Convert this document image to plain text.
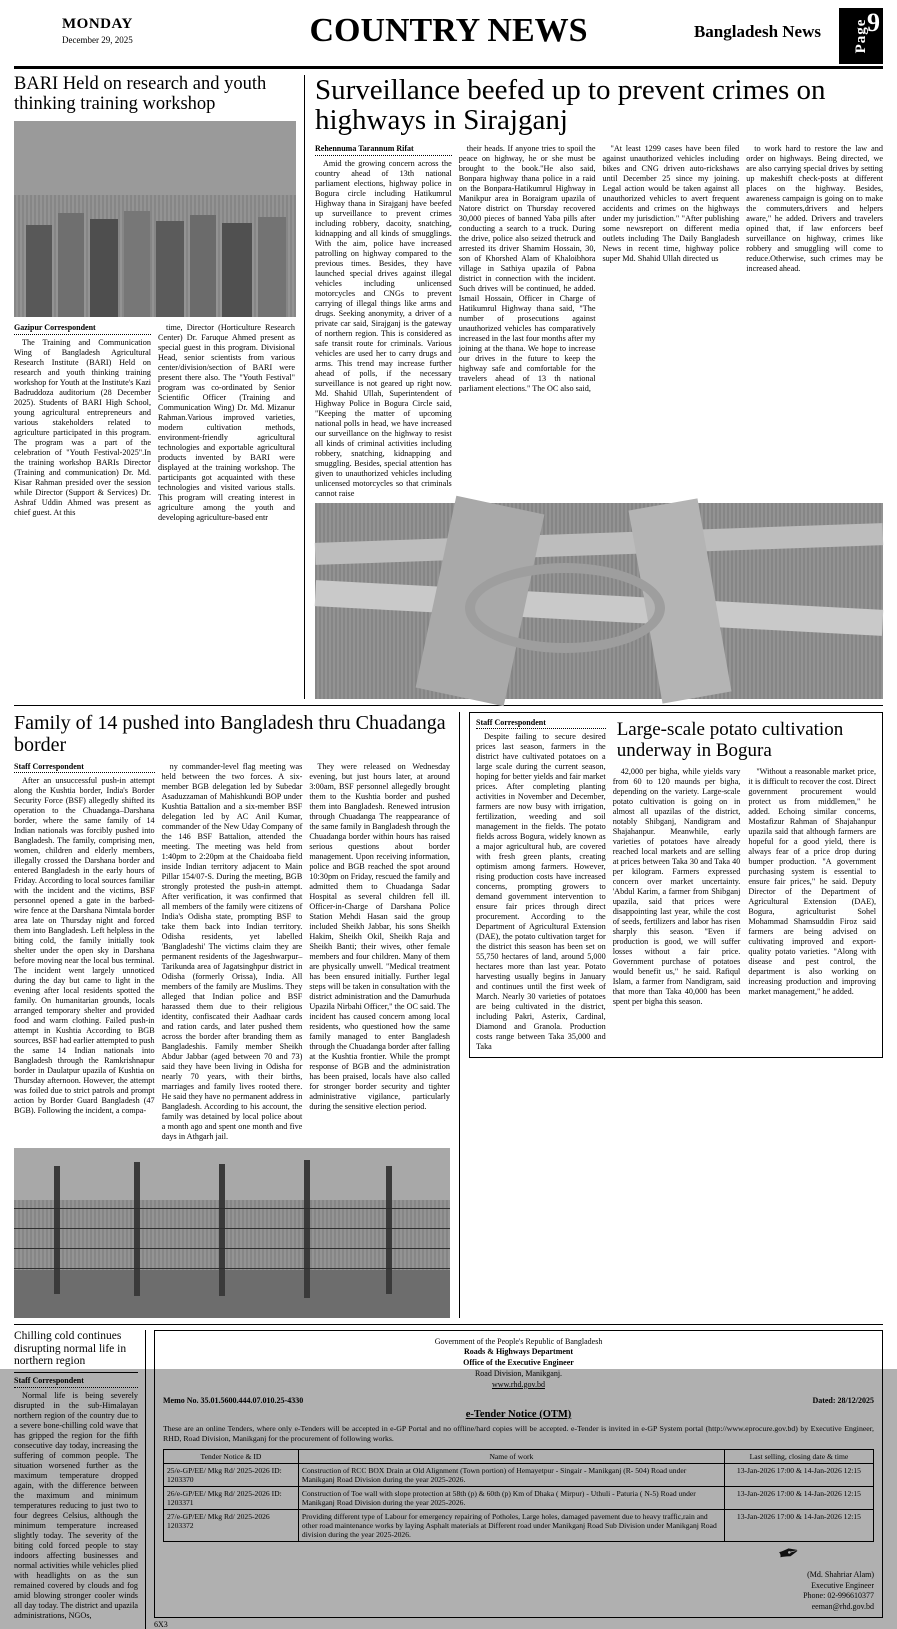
MONDAY
December 29, 2025	COUNTRY NEWS	Bangladesh News	Page
9
BARI Held on research and youth thinking training workshop
Gazipur Correspondent

The Training and Communication Wing of Bangladesh Agricultural Research Institute (BARI) Held on research and youth thinking training workshop for Youth at the Institute's Kazi Badruddoza auditorium (28 December 2025). Students of BARI High School, young agricultural entrepreneurs and various stakeholders related to agriculture participated in this program. The program was a part of the celebration of "Youth Festival-2025".In the training workshop BARIs Director (Training and communication) Dr. Md. Kisar Rahman presided over the session while Director (Support & Services) Dr. Ashraf Uddin Ahmed was present as chief guest. At this

time, Director (Horticulture Research Center) Dr. Faruque Ahmed present as special guest in this program. Divisional Head, senior scientists from various center/division/section of BARI were present there also. The "Youth Festival" program was co-ordinated by Senior Scientific Officer (Training and Communication Wing) Dr. Md. Mizanur Rahman.Various improved varieties, modern cultivation methods, environment-friendly agricultural technologies and exportable agricultural products invented by BARI were displayed at the training workshop. The participants got acquainted with these technologies and visited various stalls. This program will creating interest in agriculture among the youth and developing agriculture-based entr

Surveillance beefed up to prevent crimes on highways in Sirajganj
Rehennuma Tarannum Rifat

Amid the growing concern across the country ahead of 13th national parliament elections, highway police in Bogura circle including Hatikumrul Highway thana in Sirajganj have beefed up surveillance to prevent crimes including robbery, dacoity, snatching, kidnapping and all kinds of smugglings. With the aim, police have increased patrolling on highway compared to the previous times. Besides, they have launched special drives against illegal vehicles including unlicensed motorcycles and CNGs to prevent carrying of illegal things like arms and drugs. Seeking anonymity, a driver of a private car said, Sirajganj is the gateway of northern region. This is considered as safe transit route for criminals. Various vehicles are used her to carry drugs and arms. This trend may increase further ahead of polls, if the necessary surveillance is not geared up right now. Md. Shahid Ullah, Superintendent of Highway Police in Bogura Circle said, "Keeping the matter of upcoming national polls in head, we have increased our surveillance on the highway to resist all kinds of criminal activities including robbery, snatching, kidnapping and smuggling. Besides, special attention has given to unauthorized vehicles including unlicensed motorcycles so that criminals cannot raise

their heads. If anyone tries to spoil the peace on highway, he or she must be brought to the book."He also said, Bonpara highway thana police in a raid on the Bonpara-Hatikumrul Highway in Manikpur area in Boraigram upazila of Natore district on Thursday recovered 30,000 pieces of banned Yaba pills after conducting a search to a truck. During the drive, police also seized thetruck and arrested its driver Shamim Hossain, 30, son of Khorshed Alam of Khaloibhora village in Sathiya upazila of Pabna district in connection with the incident. Such drives will be continued, he added. Ismail Hossain, Officer in Charge of Hatikumrul Highway thana said, "The number of prosecutions against unauthorized vehicles has comparatively increased in the last four months after my joining at the thana. We hope to increase our drives in the future to keep the highway safe and comfortable for the travelers ahead of 13 th national parliament elections." The OC also said,

"At least 1299 cases have been filed against unauthorized vehicles including bikes and CNG driven auto-rickshaws until December 25 since my joining. Legal action would be taken against all unauthorized vehicles to avert frequent accidents and crimes on the highways under my jurisdiction." "After publishing some newsreport on different media outlets including The Daily Bangladesh News in recent time, highway police super Md. Shahid Ullah directed us

to work hard to restore the law and order on highways. Being directed, we are also carrying special drives by setting up makeshift check-posts at different places on the highway. Besides, awareness campaign is going on to make the commuters,drivers and helpers aware," he added. Drivers and travelers opined that, if law enforcers beef surveillance on highway, crimes like robbery and smuggling will come to reduce.Otherwise, such crimes may be increased ahead.

Family of 14 pushed into Bangladesh thru Chuadanga border
Staff Correspondent

After an unsuccessful push-in attempt along the Kushtia border, India's Border Security Force (BSF) allegedly shifted its operation to the Chuadanga–Darshana border, where the same family of 14 Indian nationals was forcibly pushed into Bangladesh. The family, comprising men, women, children and elderly members, illegally crossed the Darshana border and entered Bangladesh in the early hours of Friday. According to local sources familiar with the incident and the victims, BSF personnel opened a gate in the barbed-wire fence at the Darshana Nimtala border area late on Thursday night and forced them into Bangladesh. Left helpless in the biting cold, the family initially took shelter under the open sky in Darshana before moving near the local bus terminal. The incident went largely unnoticed during the day but came to light in the evening after local residents spotted the family. On humanitarian grounds, locals arranged temporary shelter and provided food and warm clothing. Failed push-in attempt in Kushtia According to BGB sources, BSF had earlier attempted to push the same 14 Indian nationals into Bangladesh through the Ramkrishnapur border in Daulatpur upazila of Kushtia on Thursday afternoon. However, the attempt was foiled due to strict patrols and prompt action by Border Guard Bangladesh (47 BGB). Following the incident, a compa-

ny commander-level flag meeting was held between the two forces. A six-member BGB delegation led by Subedar Asaduzzaman of Mahishkundi BOP under Kushtia Battalion and a six-member BSF delegation led by AC Anil Kumar, commander of the New Uday Company of the 146 BSF Battalion, attended the meeting. The meeting was held from 1:40pm to 2:20pm at the Chaidoaba field inside Indian territory adjacent to Main Pillar 154/07-S. During the meeting, BGB strongly protested the push-in attempt. After verification, it was confirmed that all members of the family were citizens of India's Odisha state, prompting BSF to take them back into Indian territory. Odisha residents, yet labelled 'Bangladeshi' The victims claim they are permanent residents of the Jageshwarpur–Tarikunda area of Jagatsinghpur district in Odisha (formerly Orissa), India. All members of the family are Muslims. They alleged that Indian police and BSF harassed them due to their religious identity, confiscated their Aadhaar cards and ration cards, and later pushed them across the border after branding them as Bangladeshis. Family member Sheikh Abdur Jabbar (aged between 70 and 73) said they have been living in Odisha for nearly 70 years, with their births, marriages and family lives rooted there. He said they have no permanent address in Bangladesh. According to his account, the family was detained by local police about a month ago and spent one month and five days in Athgarh jail.

They were released on Wednesday evening, but just hours later, at around 3:00am, BSF personnel allegedly brought them to the Kushtia border and pushed them into Bangladesh. Renewed intrusion through Chuadanga The reappearance of the same family in Bangladesh through the Chuadanga border within hours has raised serious questions about border management. Upon receiving information, police and BGB reached the spot around 10:30pm on Friday, rescued the family and admitted them to Chuadanga Sadar Hospital as several children fell ill. Officer-in-Charge of Darshana Police Station Mehdi Hasan said the group included Sheikh Jabbar, his sons Sheikh Hakim, Sheikh Okil, Sheikh Raja and Sheikh Banti; their wives, other female members and four children. Many of them are physically unwell. "Medical treatment has been ensured initially. Further legal steps will be taken in consultation with the district administration and the Damurhuda Upazila Nirbahi Officer," the OC said. The incident has caused concern among local residents, who questioned how the same family managed to enter Bangladesh through the Chuadanga border after falling at the Kushtia frontier. While the prompt response of BGB and the administration has been praised, locals have also called for stronger border security and tighter administrative vigilance, particularly during the sensitive election period.

Staff Correspondent

Despite failing to secure desired prices last season, farmers in the district have cultivated potatoes on a large scale during the current season, hoping for better yields and fair market prices. After completing planting activities in November and December, farmers are now busy with irrigation, fertilization, weeding and soil management in the fields. The potato fields across Bogura, widely known as a major agricultural hub, are covered with fresh green plants, creating optimism among farmers. However, rising production costs have increased concerns, prompting growers to demand government intervention to ensure fair prices through direct procurement. According to the Department of Agricultural Extension (DAE), the potato cultivation target for the district this season has been set on 55,750 hectares of land, around 5,000 hectares more than last year. Potato harvesting usually begins in January and continues until the first week of March. Nearly 30 varieties of potatoes are being cultivated in the district, including Pakri, Asterix, Cardinal, Diamond and Granola. Production costs range between Taka 35,000 and Taka

Large-scale potato cultivation underway in Bogura

42,000 per bigha, while yields vary from 60 to 120 maunds per bigha, depending on the variety. Large-scale potato cultivation is going on in almost all upazilas of the district, notably Shibganj, Nandigram and Shajahanpur. Meanwhile, early varieties of potatoes have already reached local markets and are selling at prices between Taka 30 and Taka 40 per kilogram. Farmers expressed concern over market uncertainty. 'Abdul Karim, a farmer from Shibganj upazila, said that prices were disappointing last year, while the cost of seeds, fertilizers and labor has risen sharply this season. "Even if production is good, we will suffer losses without a fair price. Government purchase of potatoes would benefit us," he said. Rafiqul Islam, a farmer from Nandigram, said that more than Taka 40,000 has been spent per bigha this season.

"Without a reasonable market price, it is difficult to recover the cost. Direct government procurement would protect us from middlemen," he added. Echoing similar concerns, Mostafizur Rahman of Shajahanpur upazila said that although farmers are hopeful for a good yield, there is always fear of a price drop during bumper production. "A government purchasing system is essential to ensure fair prices," he said. Deputy Director of the Department of Agricultural Extension (DAE), Bogura, agriculturist Sohel Mohammad Shamsuddin Firoz said farmers are being advised on cultivating improved and export-quality potato varieties. "Along with disease and pest control, the department is also working on increasing production and improving market management," he added.

Chilling cold continues disrupting normal life in northern region
Staff Correspondent

Normal life is being severely disrupted in the sub-Himalayan northern region of the country due to a severe bone-chilling cold wave that has gripped the region for the fifth consecutive day today, increasing the suffering of common people. The situation worsened further as the maximum temperature dropped again, with the difference between the maximum and minimum temperatures reducing to just two to four degrees Celsius, although the minimum temperature increased slightly today. The severity of the biting cold forced people to stay indoors affecting businesses and normal activities while vehicles plied with headlights on as the sun remained covered by clouds and fog amid blowing stronger cooler winds all day today. The district and upazila administrations, NGOs,

Government of the People's Republic of Bangladesh
Roads & Highways Department
Office of the Executive Engineer
Road Division, Manikganj.
www.rhd.gov.bd
Memo No. 35.01.5600.444.07.010.25-4330	Dated: 28/12/2025
e-Tender Notice (OTM)
These are an online Tenders, where only e-Tenders will be accepted in e-GP Portal and no offline/hard copies will be accepted. e-Tender is invited in e-GP System portal (http://www.eprocure.gov.bd) by Executive Engineer, RHD, Road Division, Manikganj for the procurement of following works.
Tender Notice & ID	Name of work	Last selling, closing date & time
25/e-GP/EE/ Mkg Rd/ 2025-2026 ID: 1203370	Construction of RCC BOX Drain at Old Alignment (Town portion) of Hemayetpur - Singair - Manikganj (R- 504) Road under Manikganj Road Division during the year 2025-2026.	13-Jan-2026 17:00 & 14-Jan-2026 12:15
26/e-GP/EE/ Mkg Rd/ 2025-2026 ID: 1203371	Construction of Toe wall with slope protection at 58th (p) & 60th (p) Km of Dhaka ( Mirpur) - Uthuli - Paturia ( N-5) Road under Manikganj Road Division during the year 2025-2026.	13-Jan-2026 17:00 & 14-Jan-2026 12:15
27/e-GP/EE/ Mkg Rd/ 2025-2026 1203372	Providing different type of Labour for emergency repairing of Potholes, Large holes, damaged pavement due to heavy traffic,rain and other road maintenance works by laying Asphalt materials at Different road under Manikganj Road Sub Division under Manikganj Road division during the year 2025-2026.	13-Jan-2026 17:00 & 14-Jan-2026 12:15
✒
(Md. Shahriar Alam)
Executive Engineer
Phone: 02-996610377
eeman@rhd.gov.bd
6X3
